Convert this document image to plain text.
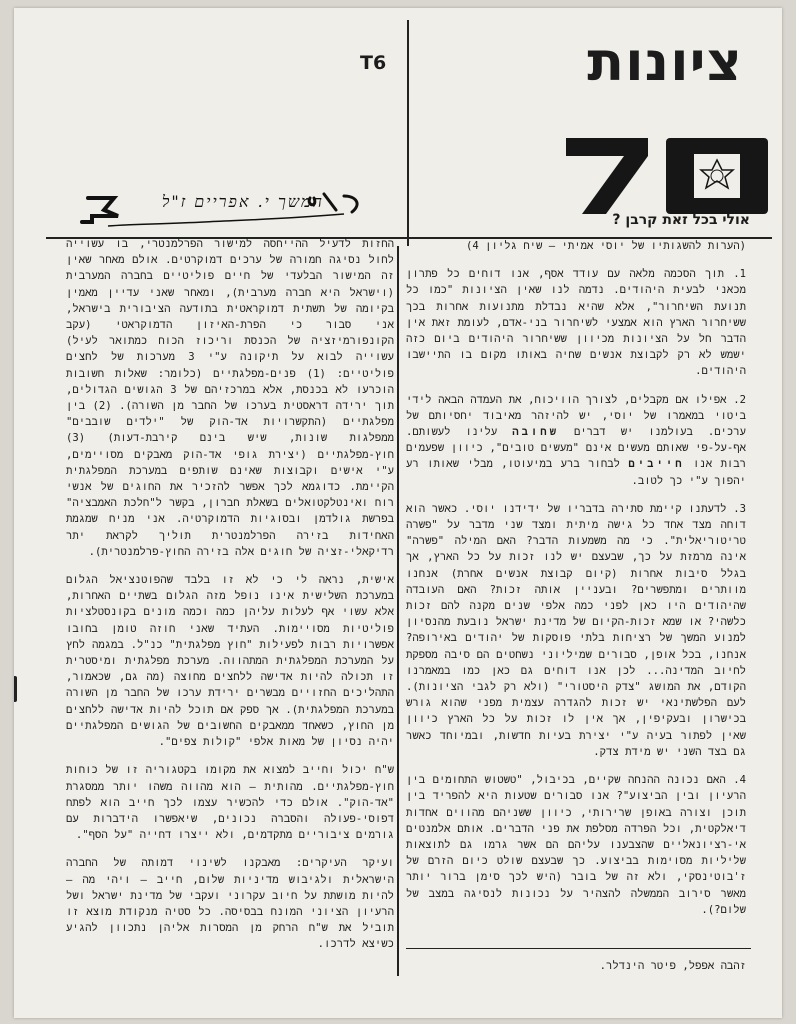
T6	ציונות
אולי בכל זאת קרבן ?
המשך י. אפריים ז"ל

(הערות להשגותיו של יוסי אמיתי – שיח גליון 4)

1. תוך הסכמה מלאה עם עודד אסף, אנו דוחים כל פתרון מכאני לבעית היהודים. נדמה לנו שאין הציונות "כמו כל תנועת השיחרור", אלא שהיא נבדלת מתנועות אחרות בכך ששיחרור הארץ הוא אמצעי לשיחרור בני-אדם, לעומת זאת אין הדבר חל על הציונות מכיוון ששיחרור היהודים ביום כזה ישמש לא רק לקבוצת אנשים שחיה באותו מקום בו התיישבו היהודים.

2. אפילו אם מקבלים, לצורך הוויכוח, את העמדה הבאה לידי ביטוי במאמרו של יוסי, יש להיזהר מאיבוד יחסיותם של ערכים. בעולמנו יש דברים שחובה עלינו לעשותם. אף-על-פי שאותם מעשים אינם "מעשים טובים", כיוון שפעמים רבות אנו חייבים לבחור ברע במיעוטו, מבלי שאותו רע יהפוך ע"י כך לטוב.

3. לדעתנו קיימת סתירה בדבריו של ידידנו יוסי. כאשר הוא דוחה מצד אחד כל גישה מיתית ומצד שני מדבר על "פשרה טריטוריאלית". כי מה משמעות הדבר? האם המילה "פשרה" אינה מרמזת על כך, שבעצם יש לנו זכות על כל הארץ, אך בגלל סיבות אחרות (קיום קבוצת אנשים אחרת) אנחנו מוותרים ומתפשרים? ובעניין אותה זכות? האם העובדה שהיהודים היו כאן לפני כמה אלפי שנים מקנה להם זכות כלשהי? או שמא זכות-הקיום של מדינת ישראל נובעת מהנסיון למנוע המשך של רציחות בלתי פוסקות של יהודים באירופה? אנחנו, בכל אופן, סבורים שמיליוני נשחטים הם סיבה מספקת לחיוב המדינה... לכן אנו דוחים גם כאן כמו במאמרנו הקודם, את המושג "צדק היסטורי" (ולא רק לגבי הציונות). לעם הפלשתינאי יש זכות להגדרה עצמית מפני שהוא גורש בכישרון ובעקיפין, אך אין לו זכות על כל הארץ כיוון שאין לפתור בעיה ע"י יצירת בעיות חדשות, ובמיוחד כאשר גם בצד השני יש מידת צדק.

4. האם נכונה ההנחה שקיים, בכיבול, "טשטוש התחומים בין הרעיון ובין הביצוע"? אנו סבורים שטעות היא להפריד בין תוכן וצורה באופן שרירותי, כיוון ששניהם מהווים אחדות דיאלקטית, וכל הפרדה מסלפת את פני הדברים. אותם אלמנטים אי-רציונאליים שהצבענו עליהם הם אשר גרמו גם לתוצאות שליליות מסוימות בביצוע. כך שבעצם שולט כיום הזרם של ז'בוטינסקי, ולא זה של בובר (היש לכך סימן ברור יותר מאשר סירוב הממשלה להצהיר על נכונות לנסיגה במצב של שלום?).

זהבה אפפל, פיטר הינדלר.

החזות לדעיל ההייחסה למישור הפרלמנטרי, בו עשוייה לחול נסיגה חמורה של ערכים דמוקרטים. אולם מאחר שאין זה המישור הבלעדי של חיים פוליטיים בחברה המערבית (וישראל היא חברה מערבית), ומאחר שאני עדיין מאמין בקיומה של תשתית דמוקראטית בתודעה הציבורית בישראל, אני סבור כי הפרת-האיזון הדמוקראטי (עקב הקונפורמיזציה של הכנסת וריכוז הכוח כמתואר לעיל) עשוייה לבוא על תיקונה ע"י 3 מערכות של לחצים פוליטיים: (1) פנים-מפלגתיים (כלומר: שאלות חשובות הוכרעו לא בכנסת, אלא במרכזיהם של 3 הגושים הגדולים, תוך ירידה דראסטית בערכו של החבר מן השורה). (2) בין מפלגתיים (התקשרויות אד-הוק של "ילדים שובבים" ממפלגות שונות, שיש בינם קירבת-דעות) (3) חוץ-מפלגתיים (יצירת גופי אד-הוק מאבקים מסויימים, ע"י אישים וקבוצות שאינם שותפים במערכת המפלגתית הקיימת. כדוגמא לכך אפשר להזכיר את החוגים של אנשי רוח ואינטלקטואלים בשאלת חברון, בקשר ל"חלכת האמבציה" בפרשת גולדמן ובסוגיות הדמוקרטיה. אני מניח שמגמת האחידות בזירה הפרלמנטרית תוליך לקראת יתר רדיקאלי-זציה של חוגים אלה בזירה החוץ-פרלמנטרית).

אישית, נראה לי כי לא זו בלבד שהפוטנציאל הגלום במערכת השלישית אינו נופל מזה הגלום בשתיים האחרות, אלא עשוי אף לעלות עליהן כמה וכמה מונים בקונסטלציות פוליטיות מסויימות. העתיד שאני חוזה טומן בחובו אפשרויות רבות לפעילות "חוץ מפלגתית" כנ"ל. במגמה לחץ על המערכת המפלגתית המתהווה. מערכת מפלגתית ומיסטרית זו תכולה להיות אדישה ללחצים מחוצה (מה גם, שכאמור, התהליכים החזויים מבשרים ירידת ערכו של החבר מן השורה במערכת המפלגתית). אך ספק אם תוכל להיות אדישה ללחצים מן החוץ, כשאחד ממאבקים החשובים של הגושים המפלגתיים יהיה נסיון של מאות אלפי "קולות צפים".

ש"ח יכול וחייב למצוא את מקומו בקטגוריה זו של כוחות חוץ-מפלגתיים. מהותית – הוא מהווה משהו יותר ממסגרת "אד-הוק". אולם כדי להכשיר עצמו לכך חייב הוא לפתח דפוסי-פעולה והסברה נכונים, שיאפשרו הידברות עם גורמים ציבוריים מתקדמים, ולא ייצרו דחייה "על הסף".

ועיקר העיקרים: מאבקנו לשינוי דמותה של החברה הישראלית ולגיבוש מדיניות שלום, חייב – ויהי מה – להיות מושתת על חיוב עקרוני ועקבי של מדינת ישראל ושל הרעיון הציוני המונח בבסיסה. כל סטיה מנקודת מוצא זו תוביל את ש"ח הרחק מן המסרות אליהן נתכוון להגיע כשיצא לדרכו.
